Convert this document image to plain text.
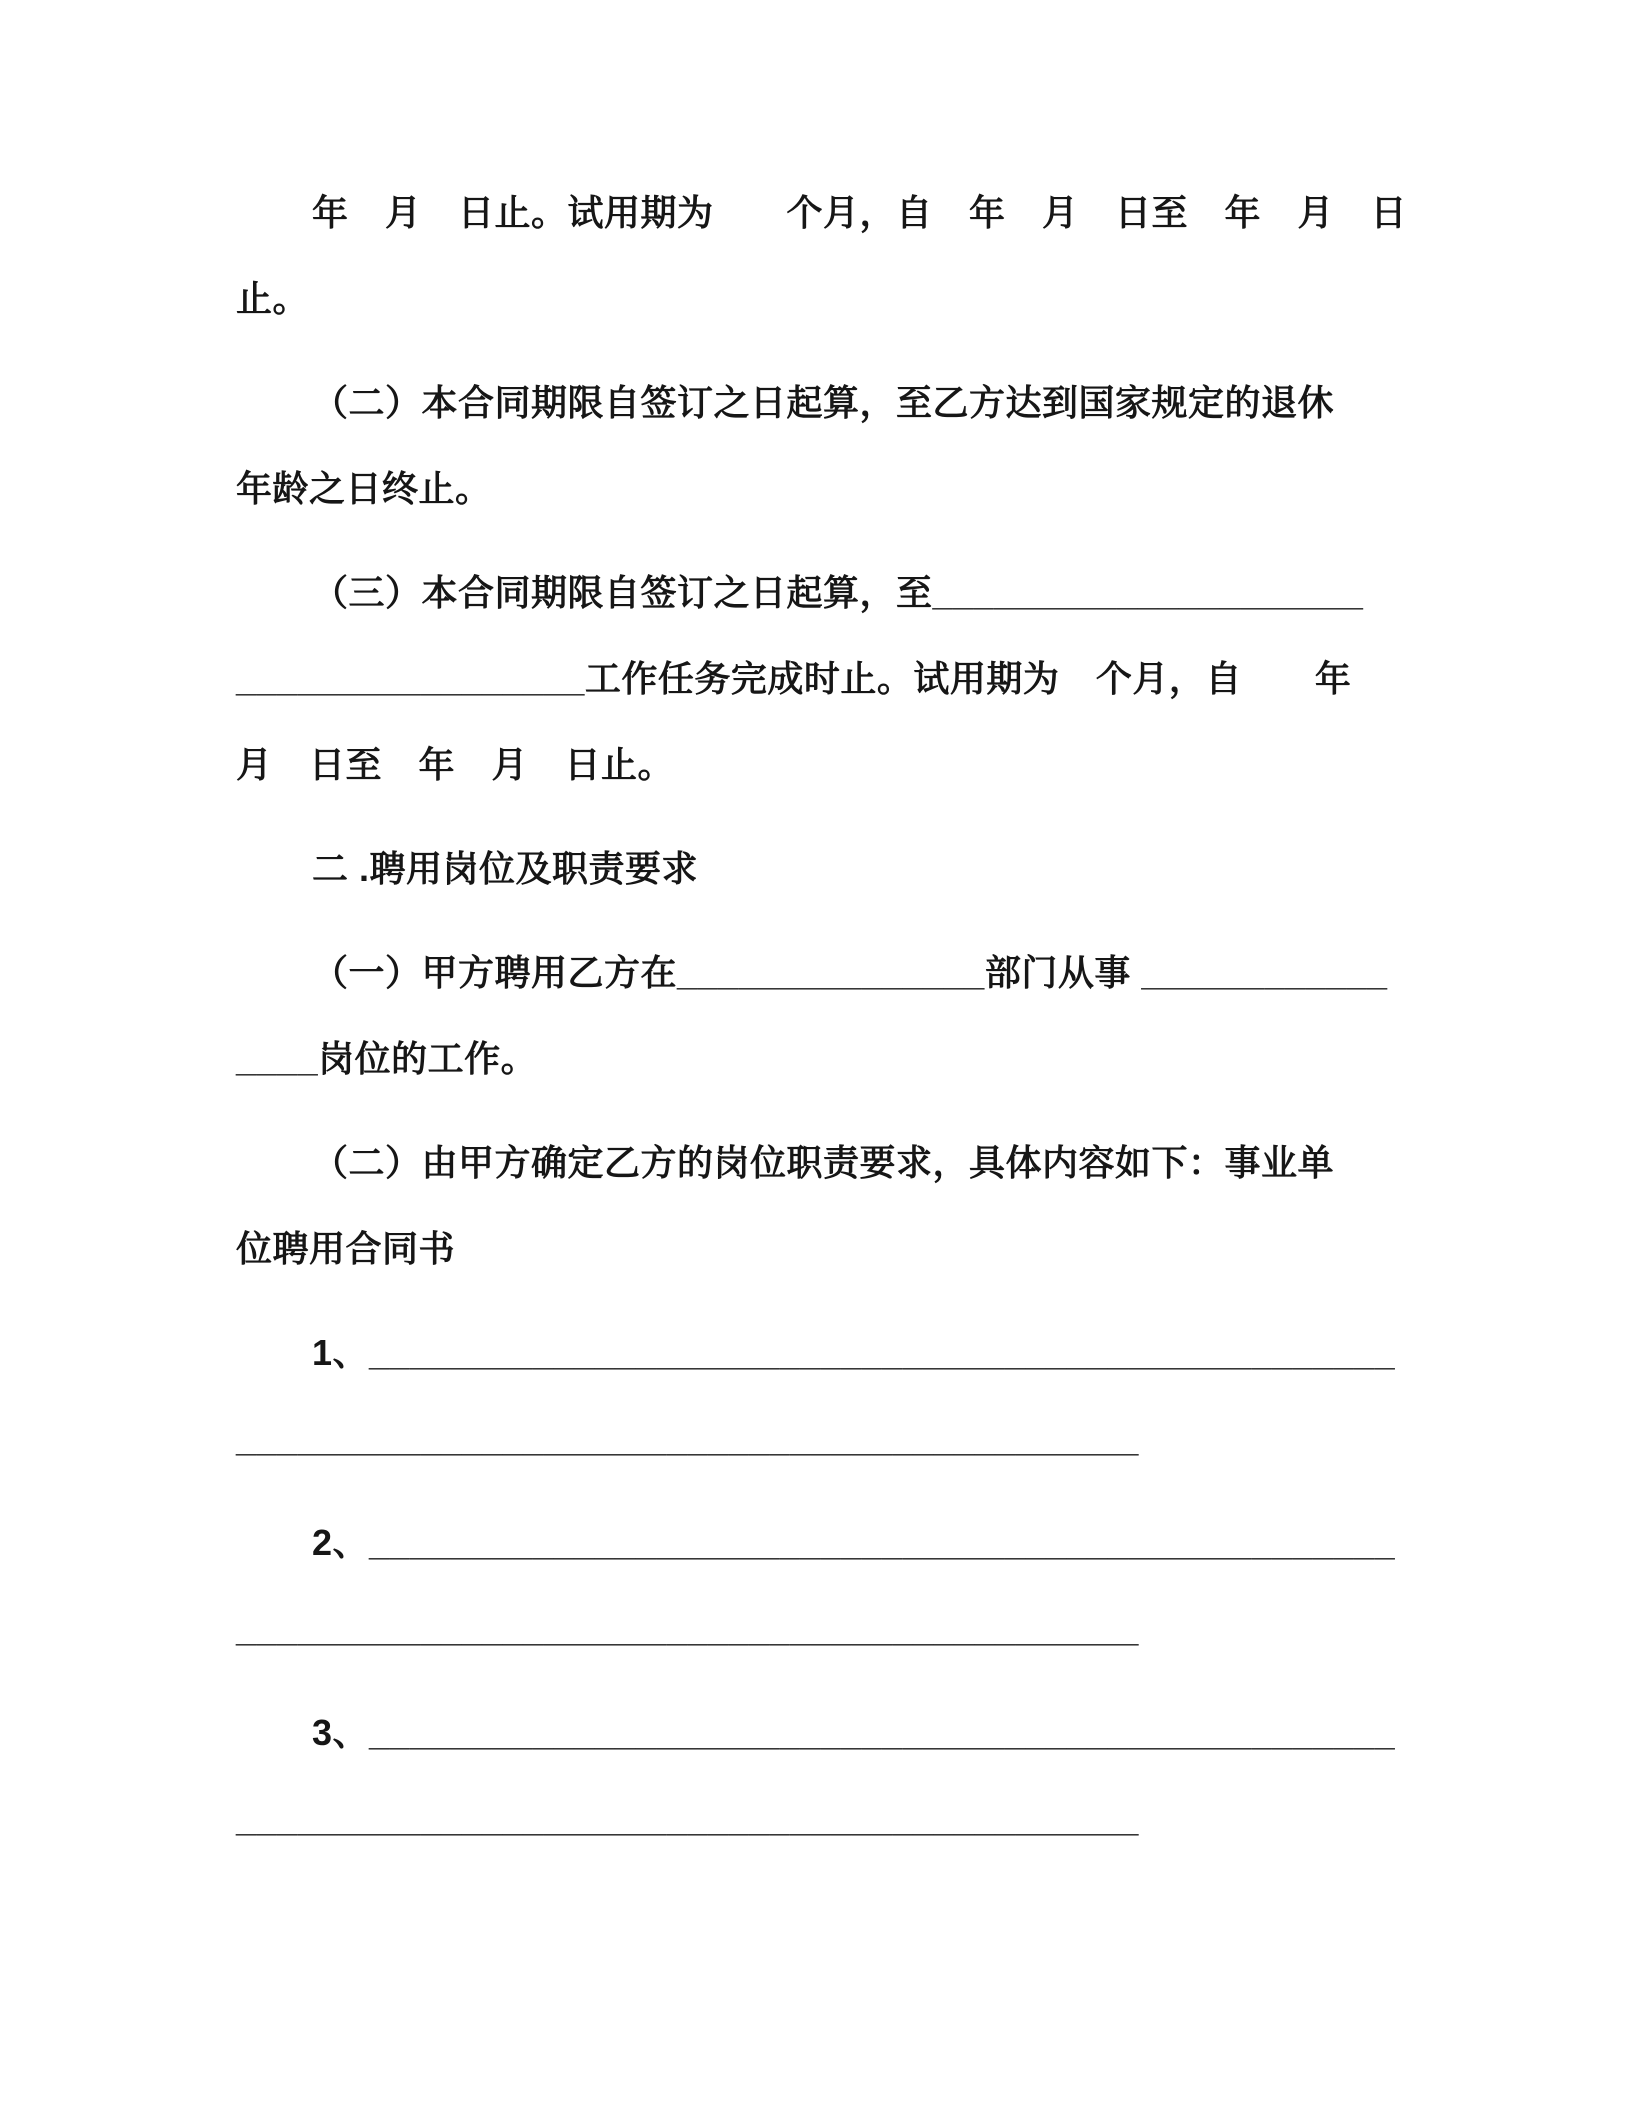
年　月　日止。试用期为　　个月，自　年　月　日至　年　月　日
止。
（二）本合同期限自签订之日起算，至乙方达到国家规定的退休
年龄之日终止。
（三）本合同期限自签订之日起算，至_____________________
_________________工作任务完成时止。试用期为　个月，自　　年
月　日至　年　月　日止。
二 .聘用岗位及职责要求
（一）甲方聘用乙方在_______________部门从事 ____________
____岗位的工作。
（二）由甲方确定乙方的岗位职责要求，具体内容如下：事业单
位聘用合同书
1、__________________________________________________
____________________________________________
2、__________________________________________________
____________________________________________
3、__________________________________________________
____________________________________________
